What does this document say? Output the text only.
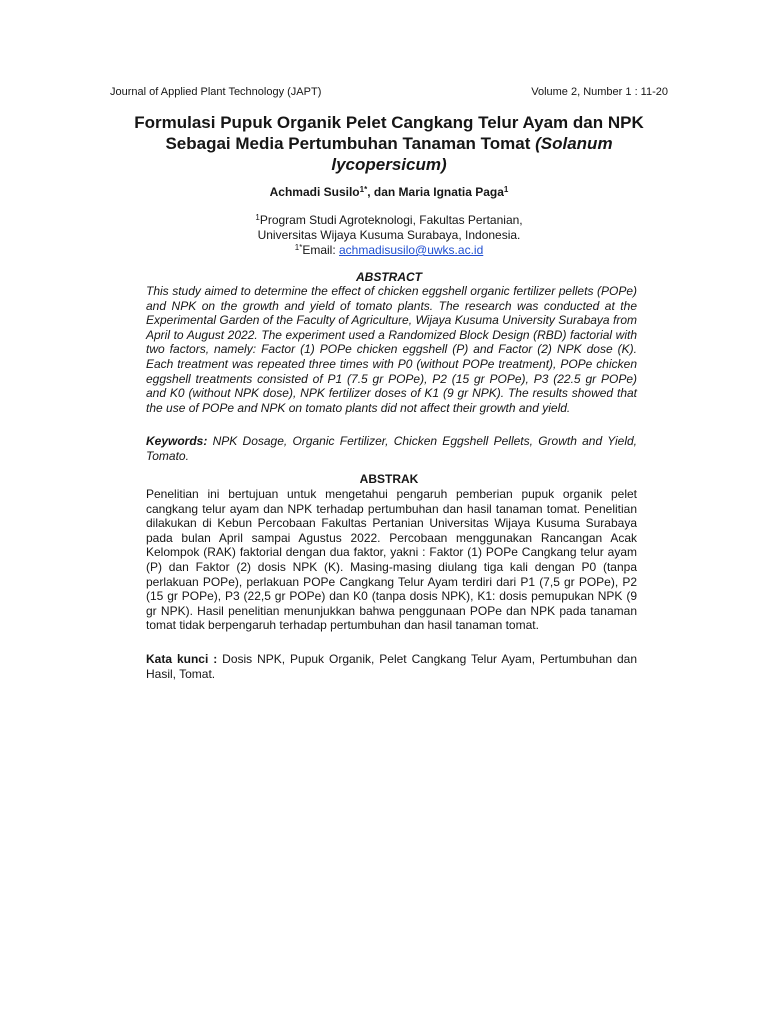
Journal of Applied Plant Technology (JAPT)	Volume 2, Number 1 : 11-20
Formulasi Pupuk Organik Pelet Cangkang Telur Ayam dan NPK Sebagai Media Pertumbuhan Tanaman Tomat (Solanum lycopersicum)
Achmadi Susilo$^{1*}$, dan Maria Ignatia Paga$^1$
$^1$Program Studi Agroteknologi, Fakultas Pertanian,
Universitas Wijaya Kusuma Surabaya, Indonesia.
$^{1*}$Email: achmadisusilo@uwks.ac.id
ABSTRACT

This study aimed to determine the effect of chicken eggshell organic fertilizer pellets (POPe) and NPK on the growth and yield of tomato plants. The research was conducted at the Experimental Garden of the Faculty of Agriculture, Wijaya Kusuma University Surabaya from April to August 2022. The experiment used a Randomized Block Design (RBD) factorial with two factors, namely: Factor (1) POPe chicken eggshell (P) and Factor (2) NPK dose (K). Each treatment was repeated three times with P0 (without POPe treatment), POPe chicken eggshell treatments consisted of P1 (7.5 gr POPe), P2 (15 gr POPe), P3 (22.5 gr POPe) and K0 (without NPK dose), NPK fertilizer doses of K1 (9 gr NPK). The results showed that the use of POPe and NPK on tomato plants did not affect their growth and yield.

Keywords: NPK Dosage, Organic Fertilizer, Chicken Eggshell Pellets, Growth and Yield, Tomato.

ABSTRAK

Penelitian ini bertujuan untuk mengetahui pengaruh pemberian pupuk organik pelet cangkang telur ayam dan NPK terhadap pertumbuhan dan hasil tanaman tomat. Penelitian dilakukan di Kebun Percobaan Fakultas Pertanian Universitas Wijaya Kusuma Surabaya pada bulan April sampai Agustus 2022. Percobaan menggunakan Rancangan Acak Kelompok (RAK) faktorial dengan dua faktor, yakni : Faktor (1) POPe Cangkang telur ayam (P) dan Faktor (2) dosis NPK (K). Masing-masing diulang tiga kali dengan P0 (tanpa perlakuan POPe), perlakuan POPe Cangkang Telur Ayam terdiri dari P1 (7,5 gr POPe), P2 (15 gr POPe), P3 (22,5 gr POPe) dan K0 (tanpa dosis NPK), K1: dosis pemupukan NPK (9 gr NPK). Hasil penelitian menunjukkan bahwa penggunaan POPe dan NPK pada tanaman tomat tidak berpengaruh terhadap pertumbuhan dan hasil tanaman tomat.

Kata kunci : Dosis NPK, Pupuk Organik, Pelet Cangkang Telur Ayam, Pertumbuhan dan Hasil, Tomat.
